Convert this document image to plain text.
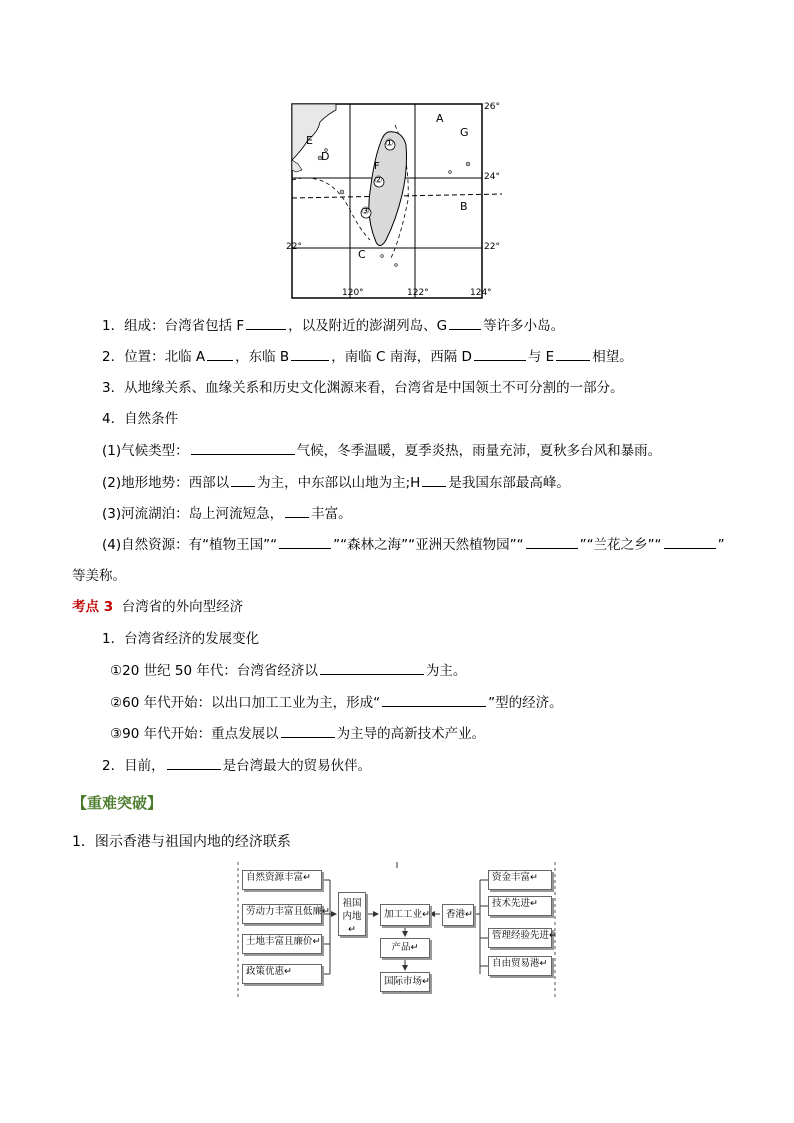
26°
24°
22°
22°
120°	122°	124°
A
G
B
C
D
E
F
①
②
③
1．组成：台湾省包括 F	，以及附近的澎湖列岛、G	等许多小岛。
2．位置：北临 A ，东临 B	，南临 C 南海，西隔 D	与 E	相望。
3．从地缘关系、血缘关系和历史文化渊源来看，台湾省是中国领土不可分割的一部分。
4．自然条件
(1)气候类型：	气候，冬季温暖，夏季炎热，雨量充沛，夏秋多台风和暴雨。
(2)地形地势：西部以 为主，中东部以山地为主;H 是我国东部最高峰。
(3)河流湖泊：岛上河流短急， 丰富。
(4)自然资源：有“植物王国”“	”“森林之海”“亚洲天然植物园”“	”“兰花之乡”“	”
等美称。
考点 3 台湾省的外向型经济
1．台湾省经济的发展变化
①20 世纪 50 年代：台湾省经济以	为主。
②60 年代开始：以出口加工工业为主，形成“	”型的经济。
③90 年代开始：重点发展以	为主导的高新技术产业。
2．目前，	是台湾最大的贸易伙伴。
【重难突破】
1．图示香港与祖国内地的经济联系
自然资源丰富↵
劳动力丰富且低廉↵
土地丰富且廉价↵
政策优惠↵
祖国内地↵
加工工业↵
产品↵
国际市场↵
香港↵
资金丰富↵
技术先进↵
管理经验先进↵
自由贸易港↵
